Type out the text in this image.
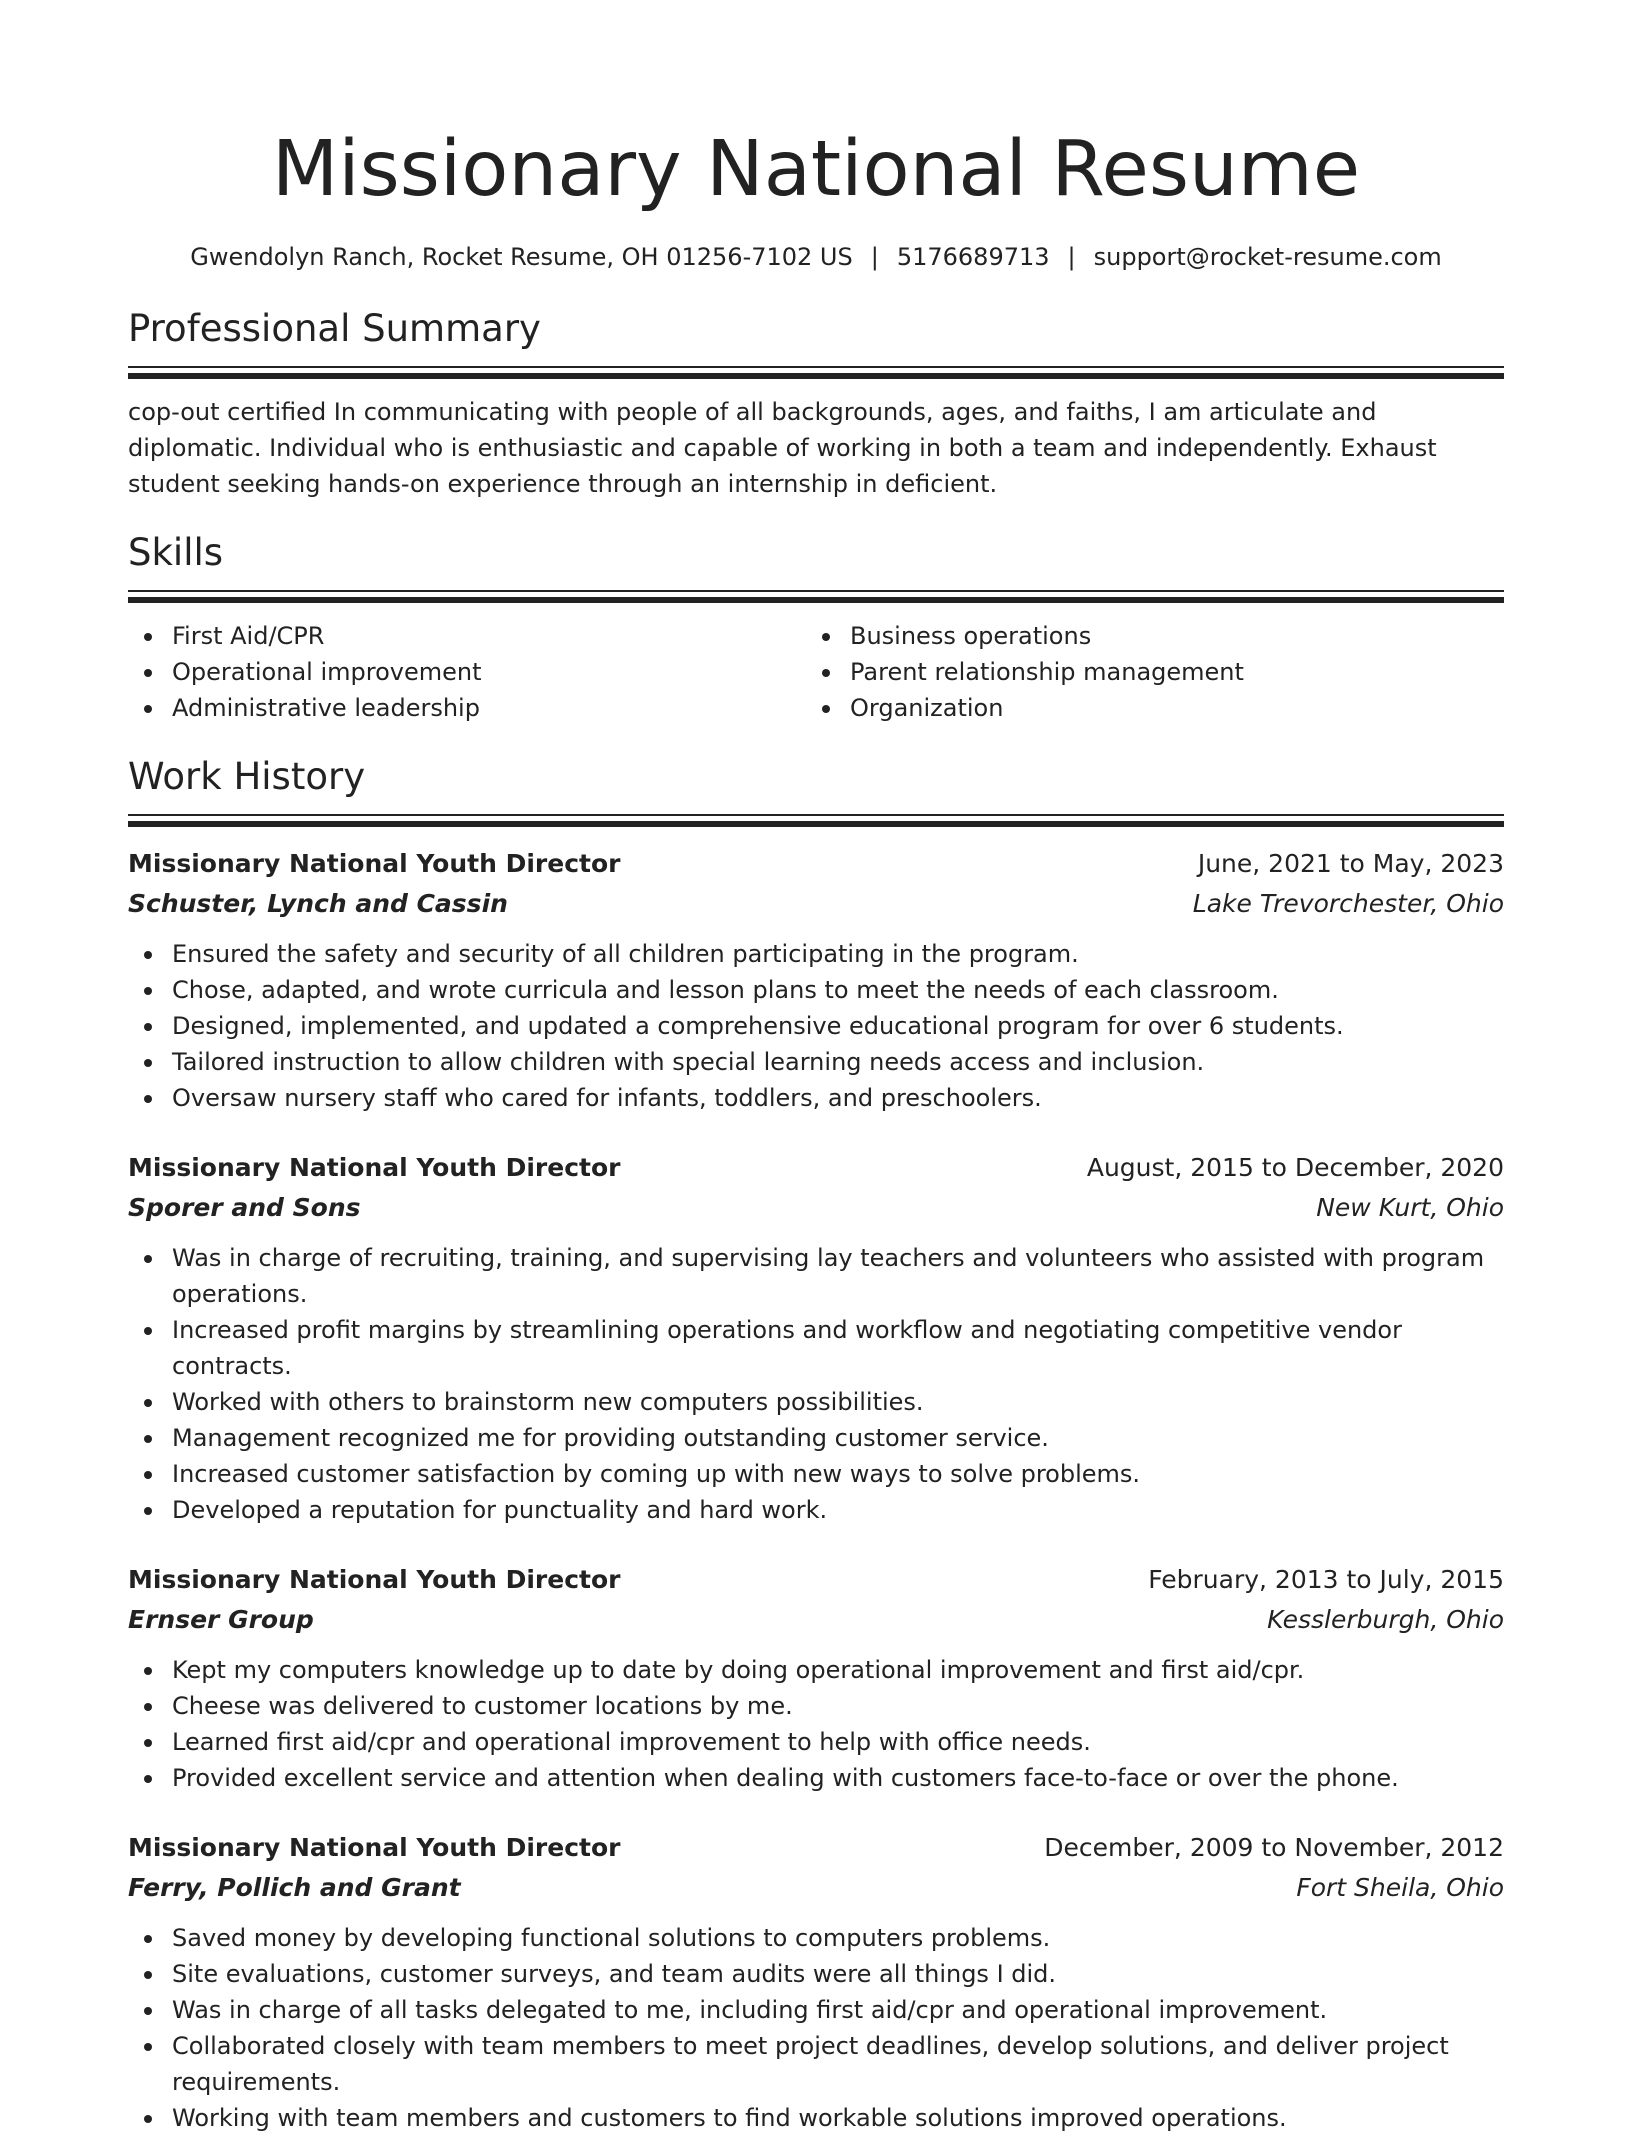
Missionary National Resume
Gwendolyn Ranch, Rocket Resume, OH 01256-7102 US | 5176689713 | support@rocket-resume.com
Professional Summary
cop-out certified In communicating with people of all backgrounds, ages, and faiths, I am articulate and diplomatic. Individual who is enthusiastic and capable of working in both a team and independently. Exhaust student seeking hands-on experience through an internship in deficient.
Skills
First Aid/CPR
Operational improvement
Administrative leadership
Business operations
Parent relationship management
Organization
Work History
Missionary National Youth Director	June, 2021 to May, 2023
Schuster, Lynch and Cassin	Lake Trevorchester, Ohio
Ensured the safety and security of all children participating in the program.
Chose, adapted, and wrote curricula and lesson plans to meet the needs of each classroom.
Designed, implemented, and updated a comprehensive educational program for over 6 students.
Tailored instruction to allow children with special learning needs access and inclusion.
Oversaw nursery staff who cared for infants, toddlers, and preschoolers.
Missionary National Youth Director	August, 2015 to December, 2020
Sporer and Sons	New Kurt, Ohio
Was in charge of recruiting, training, and supervising lay teachers and volunteers who assisted with program operations.
Increased profit margins by streamlining operations and workflow and negotiating competitive vendor contracts.
Worked with others to brainstorm new computers possibilities.
Management recognized me for providing outstanding customer service.
Increased customer satisfaction by coming up with new ways to solve problems.
Developed a reputation for punctuality and hard work.
Missionary National Youth Director	February, 2013 to July, 2015
Ernser Group	Kesslerburgh, Ohio
Kept my computers knowledge up to date by doing operational improvement and first aid/cpr.
Cheese was delivered to customer locations by me.
Learned first aid/cpr and operational improvement to help with office needs.
Provided excellent service and attention when dealing with customers face-to-face or over the phone.
Missionary National Youth Director	December, 2009 to November, 2012
Ferry, Pollich and Grant	Fort Sheila, Ohio
Saved money by developing functional solutions to computers problems.
Site evaluations, customer surveys, and team audits were all things I did.
Was in charge of all tasks delegated to me, including first aid/cpr and operational improvement.
Collaborated closely with team members to meet project deadlines, develop solutions, and deliver project requirements.
Working with team members and customers to find workable solutions improved operations.
